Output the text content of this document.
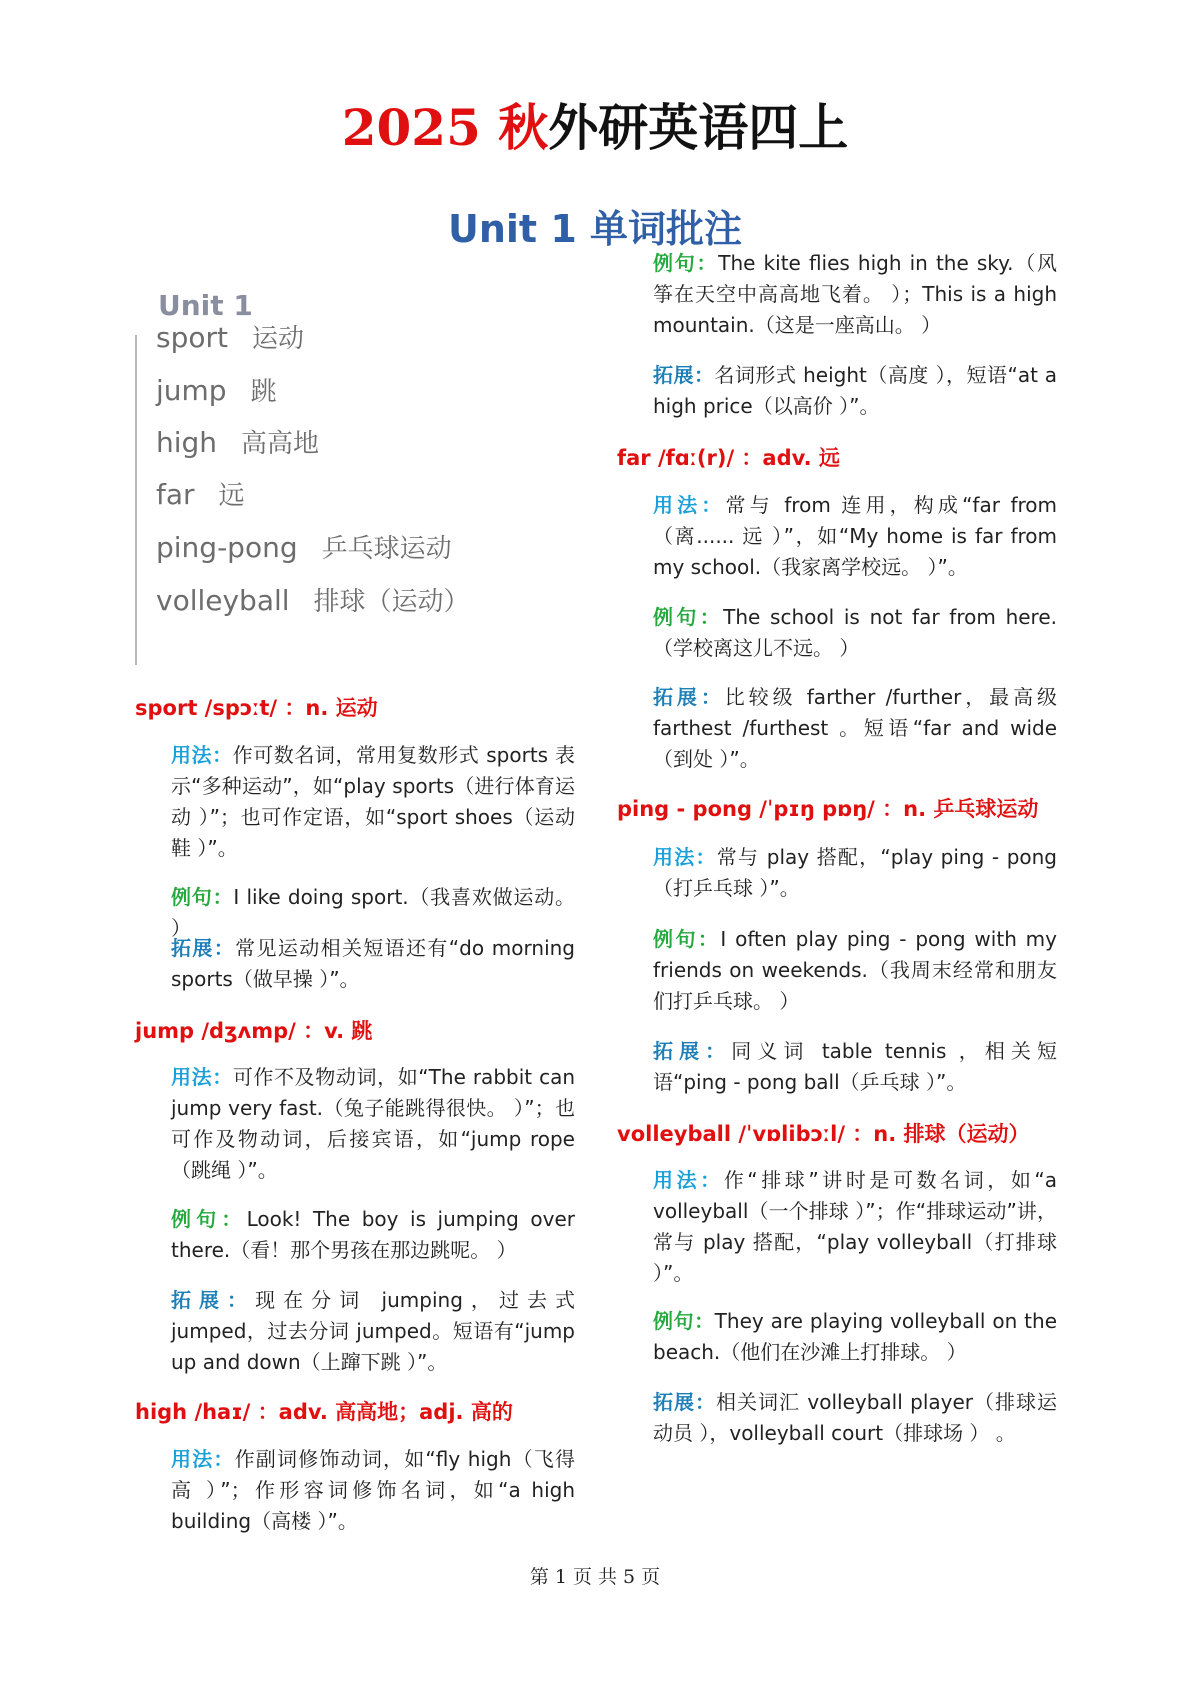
2025 秋外研英语四上
Unit 1 单词批注
Unit 1
sport 运动
jump 跳
high 高高地
far 远
ping-pong 乒乓球运动
volleyball 排球（运动）
sport /spɔːt/ ：n. 运动
用法：作可数名词，常用复数形式 sports 表示“多种运动”，如“play sports（进行体育运动 ）”；也可作定语，如“sport shoes（运动鞋 ）”。
例句：I like doing sport.（我喜欢做运动。 ）
拓展：常见运动相关短语还有“do morning sports（做早操 ）”。
jump /dʒʌmp/ ：v. 跳
用法：可作不及物动词，如“The rabbit can jump very fast.（兔子能跳得很快。 ）”；也可作及物动词，后接宾语，如“jump rope（跳绳 ）”。
例句：Look! The boy is jumping over there.（看！那个男孩在那边跳呢。 ）
拓展：现在分词 jumping，过去式 jumped，过去分词 jumped。短语有“jump up and down（上蹿下跳 ）”。
high /haɪ/ ：adv. 高高地；adj. 高的
用法：作副词修饰动词，如“fly high（飞得高 ）”；作形容词修饰名词，如“a high building（高楼 ）”。
例句：The kite flies high in the sky.（风筝在天空中高高地飞着。 ）；This is a high mountain.（这是一座高山。 ）
拓展：名词形式 height（高度 ），短语“at a high price（以高价 ）”。
far /fɑː(r)/ ：adv. 远
用法：常与 from 连用，构成“far from（离...... 远 ）”，如“My home is far from my school.（我家离学校远。 ）”。
例句：The school is not far from here.（学校离这儿不远。 ）
拓展：比较级 farther /further，最高级 farthest /furthest 。短语“far and wide（到处 ）”。
ping - pong /ˈpɪŋ pɒŋ/ ：n. 乒乓球运动
用法：常与 play 搭配，“play ping - pong（打乒乓球 ）”。
例句：I often play ping - pong with my friends on weekends.（我周末经常和朋友们打乒乓球。 ）
拓展：同义词 table tennis ，相关短语“ping - pong ball（乒乓球 ）”。
volleyball /ˈvɒlibɔːl/ ：n. 排球（运动）
用法：作“排球”讲时是可数名词，如“a volleyball（一个排球 ）”；作“排球运动”讲，常与 play 搭配，“play volleyball（打排球 ）”。
例句：They are playing volleyball on the beach.（他们在沙滩上打排球。 ）
拓展：相关词汇 volleyball player（排球运动员 ），volleyball court（排球场 ） 。
第 1 页 共 5 页
